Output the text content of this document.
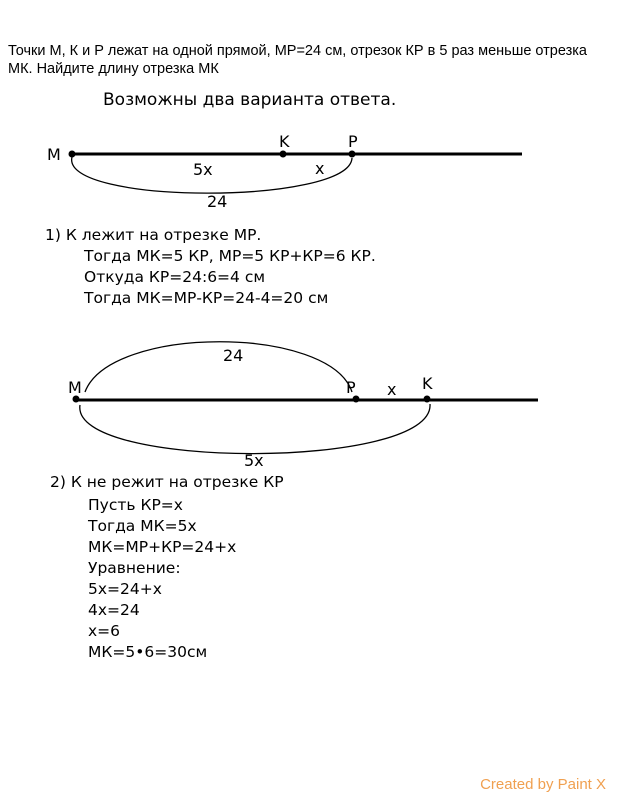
Точки М, К и Р лежат на одной прямой, МР=24 см, отрезок КР в 5 раз меньше отрезка
МК. Найдите длину отрезка МК
Возможны два варианта ответа.
M
K	P
5x	x
24
1) К лежит на отрезке МР.
Тогда МК=5 КР, МР=5 КР+КР=6 КР.
Откуда КР=24:6=4 см
Тогда МК=МР-КР=24-4=20 см
M	P	K
24
x
5x
2) К не режит на отрезке КР
Пусть КР=х
Тогда МК=5х
МК=МР+КР=24+х
Уравнение:
5х=24+х
4х=24
х=6
МК=5•6=30см
Created by Paint X
